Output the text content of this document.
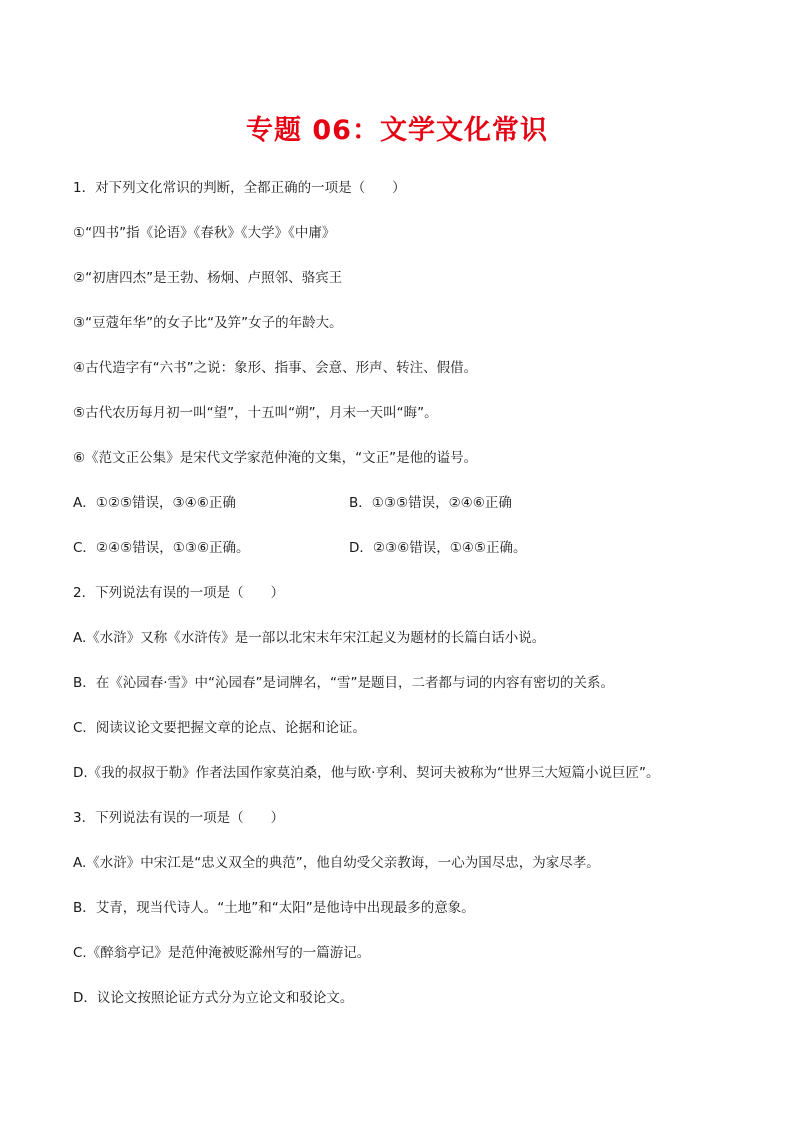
专题 06：文学文化常识
1．对下列文化常识的判断，全都正确的一项是（　　）
①“四书”指《论语》《春秋》《大学》《中庸》
②“初唐四杰”是王勃、杨炯、卢照邻、骆宾王
③“豆蔻年华”的女子比“及笄”女子的年龄大。
④古代造字有“六书”之说：象形、指事、会意、形声、转注、假借。
⑤古代农历每月初一叫“望”，十五叫“朔”，月末一天叫“晦”。
⑥《范文正公集》是宋代文学家范仲淹的文集，“文正”是他的谥号。
A．①②⑤错误，③④⑥正确	B．①③⑤错误，②④⑥正确
C．②④⑤错误，①③⑥正确。	D．②③⑥错误，①④⑤正确。
2．下列说法有误的一项是（　　）
A.《水浒》又称《水浒传》是一部以北宋末年宋江起义为题材的长篇白话小说。
B．在《沁园春·雪》中“沁园春”是词牌名，“雪”是题目，二者都与词的内容有密切的关系。
C．阅读议论文要把握文章的论点、论据和论证。
D.《我的叔叔于勒》作者法国作家莫泊桑，他与欧·亨利、契诃夫被称为“世界三大短篇小说巨匠”。
3．下列说法有误的一项是（　　）
A.《水浒》中宋江是“忠义双全的典范”，他自幼受父亲教诲，一心为国尽忠，为家尽孝。
B．艾青，现当代诗人。“土地”和“太阳”是他诗中出现最多的意象。
C.《醉翁亭记》是范仲淹被贬滁州写的一篇游记。
D．议论文按照论证方式分为立论文和驳论文。
